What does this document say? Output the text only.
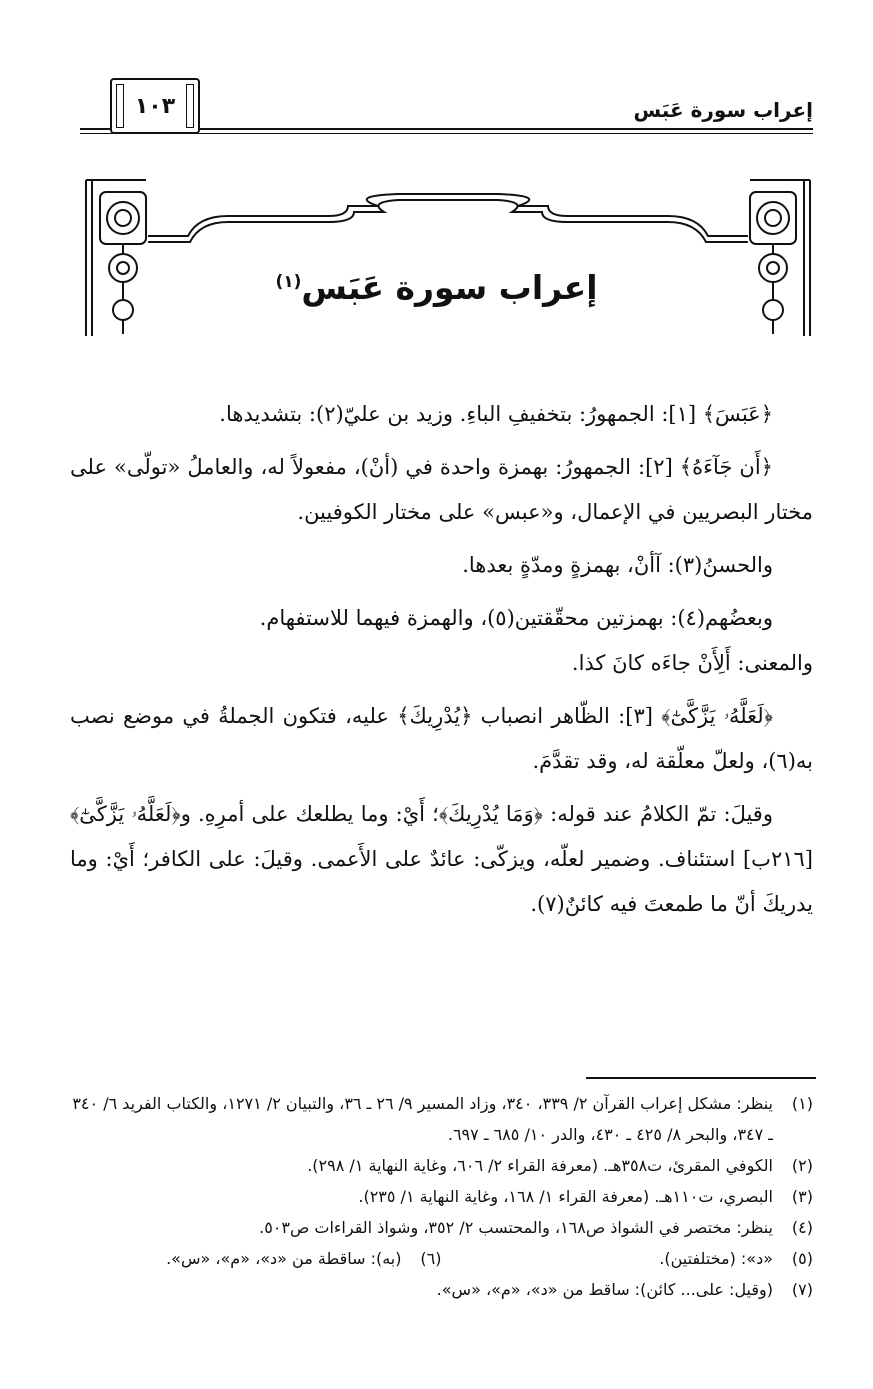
إعراب سورة عَبَس
١٠٣
إعراب سورة عَبَس$^{(١)}$

﴿عَبَسَ﴾ [١]: الجمهورُ: بتخفيفِ الباءِ. وزيد بن عليّ(٢): بتشديدها.

﴿أَن جَآءَهُ﴾ [٢]: الجمهورُ: بهمزة واحدة في (أنْ)، مفعولاً له، والعاملُ «تولّى» على مختار البصريين في الإعمال، و«عبس» على مختار الكوفيين.

والحسنُ(٣): آأنْ، بهمزةٍ ومدّةٍ بعدها.

وبعضُهم(٤): بهمزتين محقّقتين(٥)، والهمزة فيهما للاستفهام.

والمعنى: أَلِأَنْ جاءَه كانَ كذا.

﴿لَعَلَّهُۥ يَزَّكَّىٰٓ﴾ [٣]: الظّاهر انصباب ﴿يُدْرِيكَ﴾ عليه، فتكون الجملةُ في موضع نصب به(٦)، ولعلّ معلّقة له، وقد تقدَّمَ.

وقيلَ: تمّ الكلامُ عند قوله: ﴿وَمَا يُدْرِيكَ﴾؛ أَيْ: وما يطلعك على أمرِهِ. و﴿لَعَلَّهُۥ يَزَّكَّىٰٓ﴾ [٢١٦ب] استئناف. وضمير لعلّه، ويزكّى: عائدٌ على الأَعمى. وقيلَ: على الكافر؛ أَيْ: وما يدريكَ أنّ ما طمعتَ فيه كائنٌ(٧).

(١)
ينظر: مشكل إعراب القرآن ٢/ ٣٣٩، ٣٤٠، وزاد المسير ٩/ ٢٦ ـ ٣٦، والتبيان ٢/ ١٢٧١، والكتاب الفريد ٦/ ٣٤٠ ـ ٣٤٧، والبحر ٨/ ٤٢٥ ـ ٤٣٠، والدر ١٠/ ٦٨٥ ـ ٦٩٧.
(٢)
الكوفي المقرئ، ت٣٥٨هـ. (معرفة القراء ٢/ ٦٠٦، وغاية النهاية ١/ ٢٩٨).
(٣)
البصري، ت١١٠هـ. (معرفة القراء ١/ ١٦٨، وغاية النهاية ١/ ٢٣٥).
(٤)
ينظر: مختصر في الشواذ ص١٦٨، والمحتسب ٢/ ٣٥٢، وشواذ القراءات ص٥٠٣.
(٥)
«د»: (مختلفتين).
(٦)
(به): ساقطة من «د»، «م»، «س».
(٧)
(وقيل: على... كائن): ساقط من «د»، «م»، «س».
